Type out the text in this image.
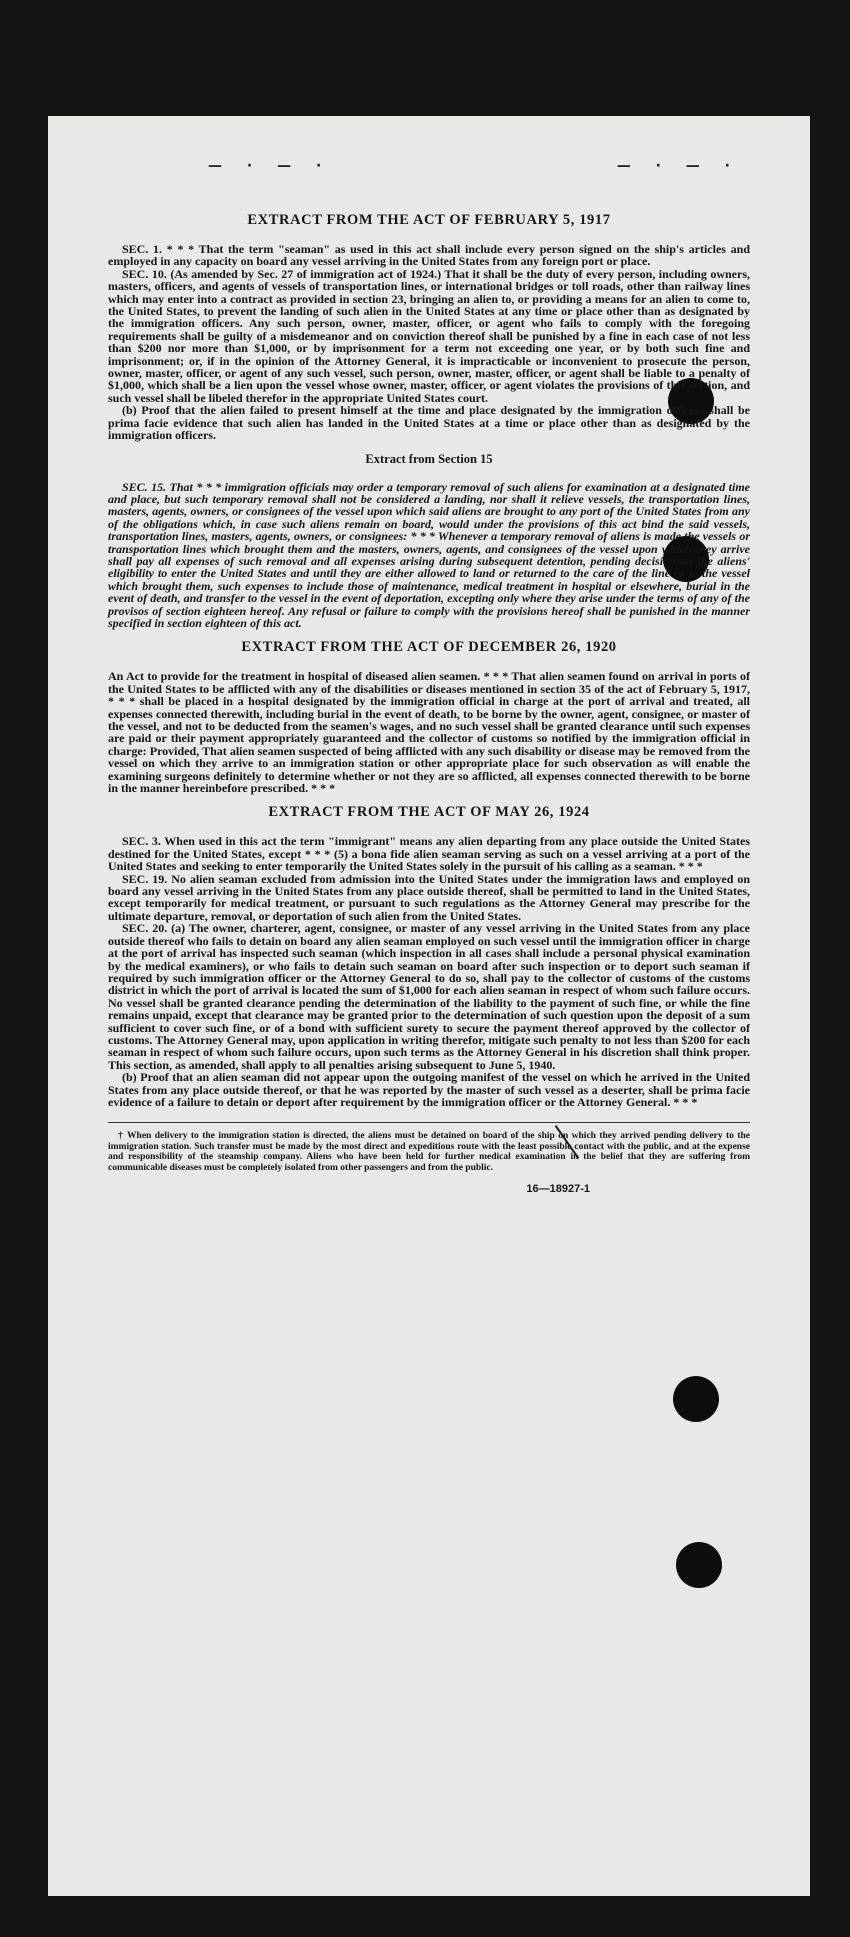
— · — ·	— · — ·
EXTRACT FROM THE ACT OF FEBRUARY 5, 1917

SEC. 1. * * * That the term "seaman" as used in this act shall include every person signed on the ship's articles and employed in any capacity on board any vessel arriving in the United States from any foreign port or place.

SEC. 10. (As amended by Sec. 27 of immigration act of 1924.) That it shall be the duty of every person, including owners, masters, officers, and agents of vessels of transportation lines, or international bridges or toll roads, other than railway lines which may enter into a contract as provided in section 23, bringing an alien to, or providing a means for an alien to come to, the United States, to prevent the landing of such alien in the United States at any time or place other than as designated by the immigration officers. Any such person, owner, master, officer, or agent who fails to comply with the foregoing requirements shall be guilty of a misdemeanor and on conviction thereof shall be punished by a fine in each case of not less than $200 nor more than $1,000, or by imprisonment for a term not exceeding one year, or by both such fine and imprisonment; or, if in the opinion of the Attorney General, it is impracticable or inconvenient to prosecute the person, owner, master, officer, or agent of any such vessel, such person, owner, master, officer, or agent shall be liable to a penalty of $1,000, which shall be a lien upon the vessel whose owner, master, officer, or agent violates the provisions of this section, and such vessel shall be libeled therefor in the appropriate United States court.

(b) Proof that the alien failed to present himself at the time and place designated by the immigration officers shall be prima facie evidence that such alien has landed in the United States at a time or place other than as designated by the immigration officers.

Extract from Section 15

SEC. 15. That * * * immigration officials may order a temporary removal of such aliens for examination at a designated time and place, but such temporary removal shall not be considered a landing, nor shall it relieve vessels, the transportation lines, masters, agents, owners, or consignees of the vessel upon which said aliens are brought to any port of the United States from any of the obligations which, in case such aliens remain on board, would under the provisions of this act bind the said vessels, transportation lines, masters, agents, owners, or consignees: * * * Whenever a temporary removal of aliens is made the vessels or transportation lines which brought them and the masters, owners, agents, and consignees of the vessel upon which they arrive shall pay all expenses of such removal and all expenses arising during subsequent detention, pending decision on the aliens' eligibility to enter the United States and until they are either allowed to land or returned to the care of the line or to the vessel which brought them, such expenses to include those of maintenance, medical treatment in hospital or elsewhere, burial in the event of death, and transfer to the vessel in the event of deportation, excepting only where they arise under the terms of any of the provisos of section eighteen hereof. Any refusal or failure to comply with the provisions hereof shall be punished in the manner specified in section eighteen of this act.

EXTRACT FROM THE ACT OF DECEMBER 26, 1920

An Act to provide for the treatment in hospital of diseased alien seamen. * * * That alien seamen found on arrival in ports of the United States to be afflicted with any of the disabilities or diseases mentioned in section 35 of the act of February 5, 1917, * * * shall be placed in a hospital designated by the immigration official in charge at the port of arrival and treated, all expenses connected therewith, including burial in the event of death, to be borne by the owner, agent, consignee, or master of the vessel, and not to be deducted from the seamen's wages, and no such vessel shall be granted clearance until such expenses are paid or their payment appropriately guaranteed and the collector of customs so notified by the immigration official in charge: Provided, That alien seamen suspected of being afflicted with any such disability or disease may be removed from the vessel on which they arrive to an immigration station or other appropriate place for such observation as will enable the examining surgeons definitely to determine whether or not they are so afflicted, all expenses connected therewith to be borne in the manner hereinbefore prescribed. * * *

EXTRACT FROM THE ACT OF MAY 26, 1924

SEC. 3. When used in this act the term "immigrant" means any alien departing from any place outside the United States destined for the United States, except * * * (5) a bona fide alien seaman serving as such on a vessel arriving at a port of the United States and seeking to enter temporarily the United States solely in the pursuit of his calling as a seaman. * * *

SEC. 19. No alien seaman excluded from admission into the United States under the immigration laws and employed on board any vessel arriving in the United States from any place outside thereof, shall be permitted to land in the United States, except temporarily for medical treatment, or pursuant to such regulations as the Attorney General may prescribe for the ultimate departure, removal, or deportation of such alien from the United States.

SEC. 20. (a) The owner, charterer, agent, consignee, or master of any vessel arriving in the United States from any place outside thereof who fails to detain on board any alien seaman employed on such vessel until the immigration officer in charge at the port of arrival has inspected such seaman (which inspection in all cases shall include a personal physical examination by the medical examiners), or who fails to detain such seaman on board after such inspection or to deport such seaman if required by such immigration officer or the Attorney General to do so, shall pay to the collector of customs of the customs district in which the port of arrival is located the sum of $1,000 for each alien seaman in respect of whom such failure occurs. No vessel shall be granted clearance pending the determination of the liability to the payment of such fine, or while the fine remains unpaid, except that clearance may be granted prior to the determination of such question upon the deposit of a sum sufficient to cover such fine, or of a bond with sufficient surety to secure the payment thereof approved by the collector of customs. The Attorney General may, upon application in writing therefor, mitigate such penalty to not less than $200 for each seaman in respect of whom such failure occurs, upon such terms as the Attorney General in his discretion shall think proper. This section, as amended, shall apply to all penalties arising subsequent to June 5, 1940.

(b) Proof that an alien seaman did not appear upon the outgoing manifest of the vessel on which he arrived in the United States from any place outside thereof, or that he was reported by the master of such vessel as a deserter, shall be prima facie evidence of a failure to detain or deport after requirement by the immigration officer or the Attorney General. * * *

† When delivery to the immigration station is directed, the aliens must be detained on board of the ship on which they arrived pending delivery to the immigration station. Such transfer must be made by the most direct and expeditious route with the least possible contact with the public, and at the expense and responsibility of the steamship company. Aliens who have been held for further medical examination in the belief that they are suffering from communicable diseases must be completely isolated from other passengers and from the public.

16—18927-1
